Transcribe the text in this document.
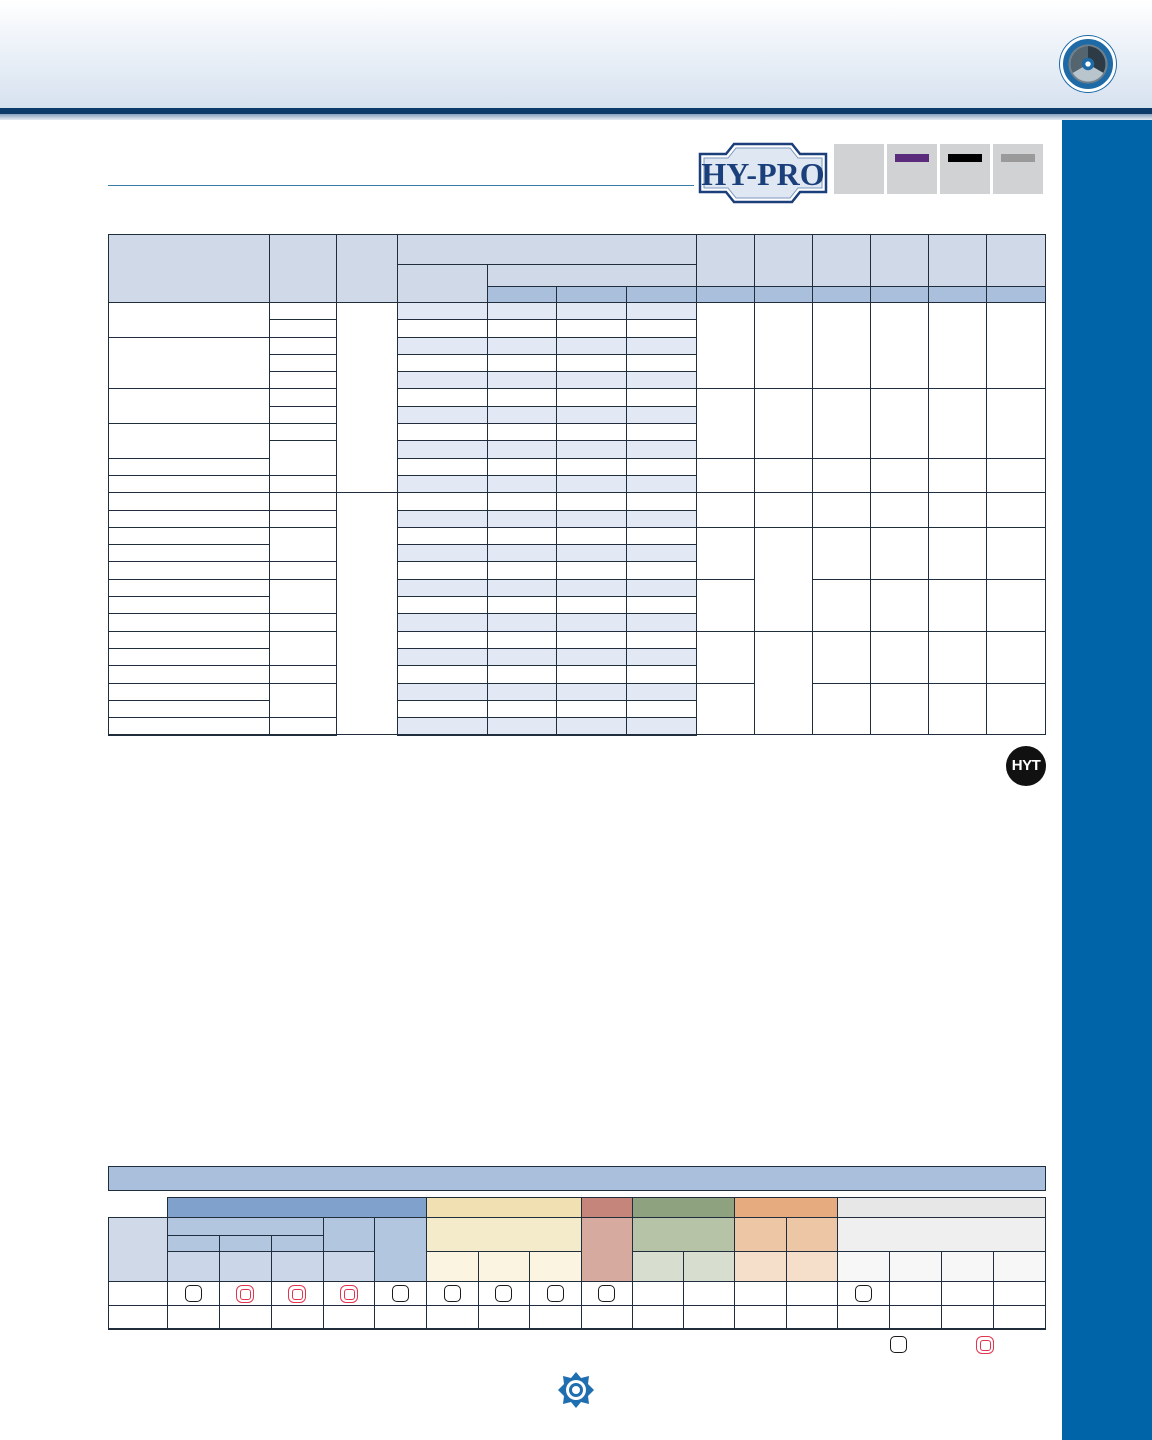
HY-PRO

HYT
